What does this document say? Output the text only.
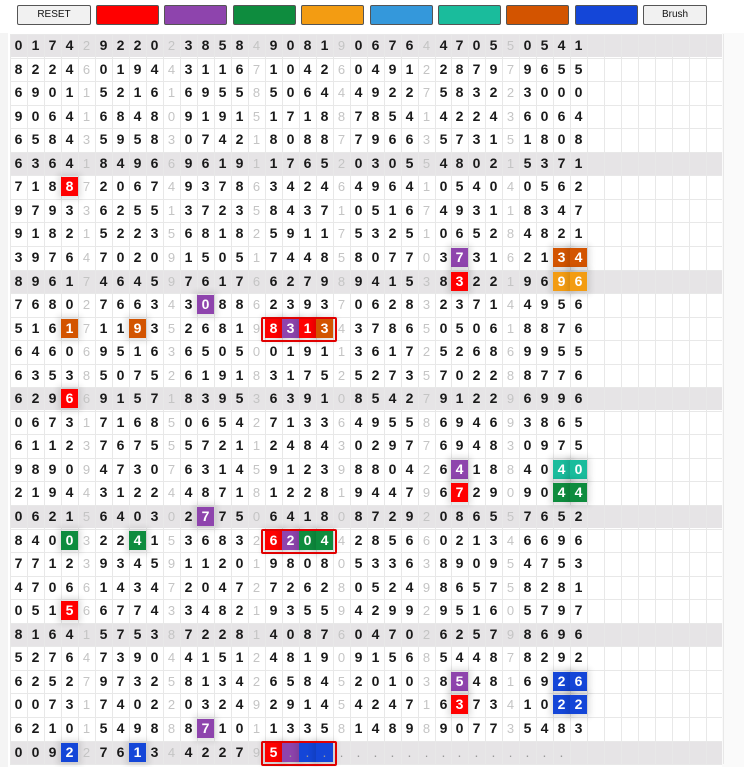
RESET	Brush
0 1 7 4 2 9 2 2 0 2 3 8 5 8 4 9 0 8 1 9 0 6 7 6 4 4 7 0 5 5 0 5 4 1
8 2 2 4 6 0 1 9 4 4 3 1 1 6 7 1 0 4 2 6 0 4 9 1 2 2 8 7 9 7 9 6 5 5
6 9 0 1 1 5 2 1 6 1 6 9 5 5 8 5 0 6 4 4 4 9 2 2 7 5 8 3 2 2 3 0 0 0
9 0 6 4 1 6 8 4 8 0 9 1 9 1 5 1 7 1 8 8 7 8 5 4 1 4 2 2 4 3 6 0 6 4
6 5 8 4 3 5 9 5 8 3 0 7 4 2 1 8 0 8 8 7 7 9 6 6 3 5 7 3 1 5 1 8 0 8
6 3 6 4 1 8 4 9 6 6 9 6 1 9 1 1 7 6 5 2 0 3 0 5 5 4 8 0 2 1 5 3 7 1
7 1 8 8 7 2 0 6 7 4 9 3 7 8 6 3 4 2 4 6 4 9 6 4 1 0 5 4 0 4 0 5 6 2
9 7 9 3 3 6 2 5 5 1 3 7 2 3 5 8 4 3 7 1 0 5 1 6 7 4 9 3 1 1 8 3 4 7
9 1 8 2 1 5 2 2 3 5 6 8 1 8 2 5 9 1 1 7 5 3 2 5 1 0 6 5 2 8 4 8 2 1
3 9 7 6 4 7 0 2 0 9 1 5 0 5 1 7 4 4 8 5 8 0 7 7 0 3 7 3 1 6 2 1 3 4
8 9 6 1 7 4 6 4 5 9 7 6 1 7 6 6 2 7 9 8 9 4 1 5 3 8 3 2 2 1 9 6 9 6
7 6 8 0 2 7 6 6 3 4 3 0 8 8 6 2 3 9 3 7 0 6 2 8 3 2 3 7 1 4 4 9 5 6
5 1 6 1 7 1 1 9 3 5 2 6 8 1 9 8 3 1 3 4 3 7 8 6 5 0 5 0 6 1 8 8 7 6
6 4 6 0 6 9 5 1 6 3 6 5 0 5 0 0 1 9 1 1 3 6 1 7 2 5 2 6 8 6 9 9 5 5
6 3 5 3 8 5 0 7 5 2 6 1 9 1 8 3 1 7 5 2 5 2 7 3 5 7 0 2 2 8 8 7 7 6
6 2 9 6 6 9 1 5 7 1 8 3 9 5 3 6 3 9 1 0 8 5 4 2 7 9 1 2 2 9 6 9 9 6
0 6 7 3 1 7 1 6 8 5 0 6 5 4 2 7 1 3 3 6 4 9 5 5 8 6 9 4 6 9 3 8 6 5
6 1 1 2 3 7 6 7 5 5 5 7 2 1 1 2 4 8 4 3 0 2 9 7 7 6 9 4 8 3 0 9 7 5
9 8 9 0 9 4 7 3 0 7 6 3 1 4 5 9 1 2 3 9 8 8 0 4 2 6 4 1 8 8 4 0 4 0
2 1 9 4 4 3 1 2 2 4 4 8 7 1 8 1 2 2 8 1 9 4 4 7 9 6 7 2 9 0 9 0 4 4
0 6 2 1 5 6 4 0 3 0 2 7 7 5 0 6 4 1 8 0 8 7 2 9 2 0 8 6 5 5 7 6 5 2
8 4 0 0 3 2 2 4 1 5 3 6 8 3 2 6 2 0 4 4 2 8 5 6 6 0 2 1 3 4 6 6 9 6
7 7 1 2 3 9 3 4 5 9 1 1 2 0 1 9 8 0 8 0 5 3 3 6 3 8 9 0 9 5 4 7 5 3
4 7 0 6 6 1 4 3 4 7 2 0 4 7 2 7 2 6 2 8 0 5 2 4 9 8 6 5 7 5 8 2 8 1
0 5 1 5 6 6 7 7 4 3 3 4 8 2 1 9 3 5 5 9 4 2 9 9 2 9 5 1 6 0 5 7 9 7
8 1 6 4 1 5 7 5 3 8 7 2 2 8 1 4 0 8 7 6 0 4 7 0 2 6 2 5 7 9 8 6 9 6
5 2 7 6 4 7 3 9 0 4 4 1 5 1 2 4 8 1 9 0 9 1 5 6 8 5 4 4 8 7 8 2 9 2
6 2 5 2 7 9 7 3 2 5 8 1 3 4 2 6 5 8 4 5 2 0 1 0 3 8 5 4 8 1 6 9 2 6
0 0 7 3 1 7 4 0 2 2 0 3 2 4 9 2 9 1 4 5 4 2 4 7 1 6 3 7 3 4 1 0 2 2
6 2 1 0 1 5 4 9 8 8 8 7 1 0 1 1 3 3 5 8 1 4 8 9 8 9 0 7 7 3 5 4 8 3
0 0 9 2 2 7 6 1 3 4 4 2 2 7 9 5 . . .	. . . . .	. . . . .	. . . .
